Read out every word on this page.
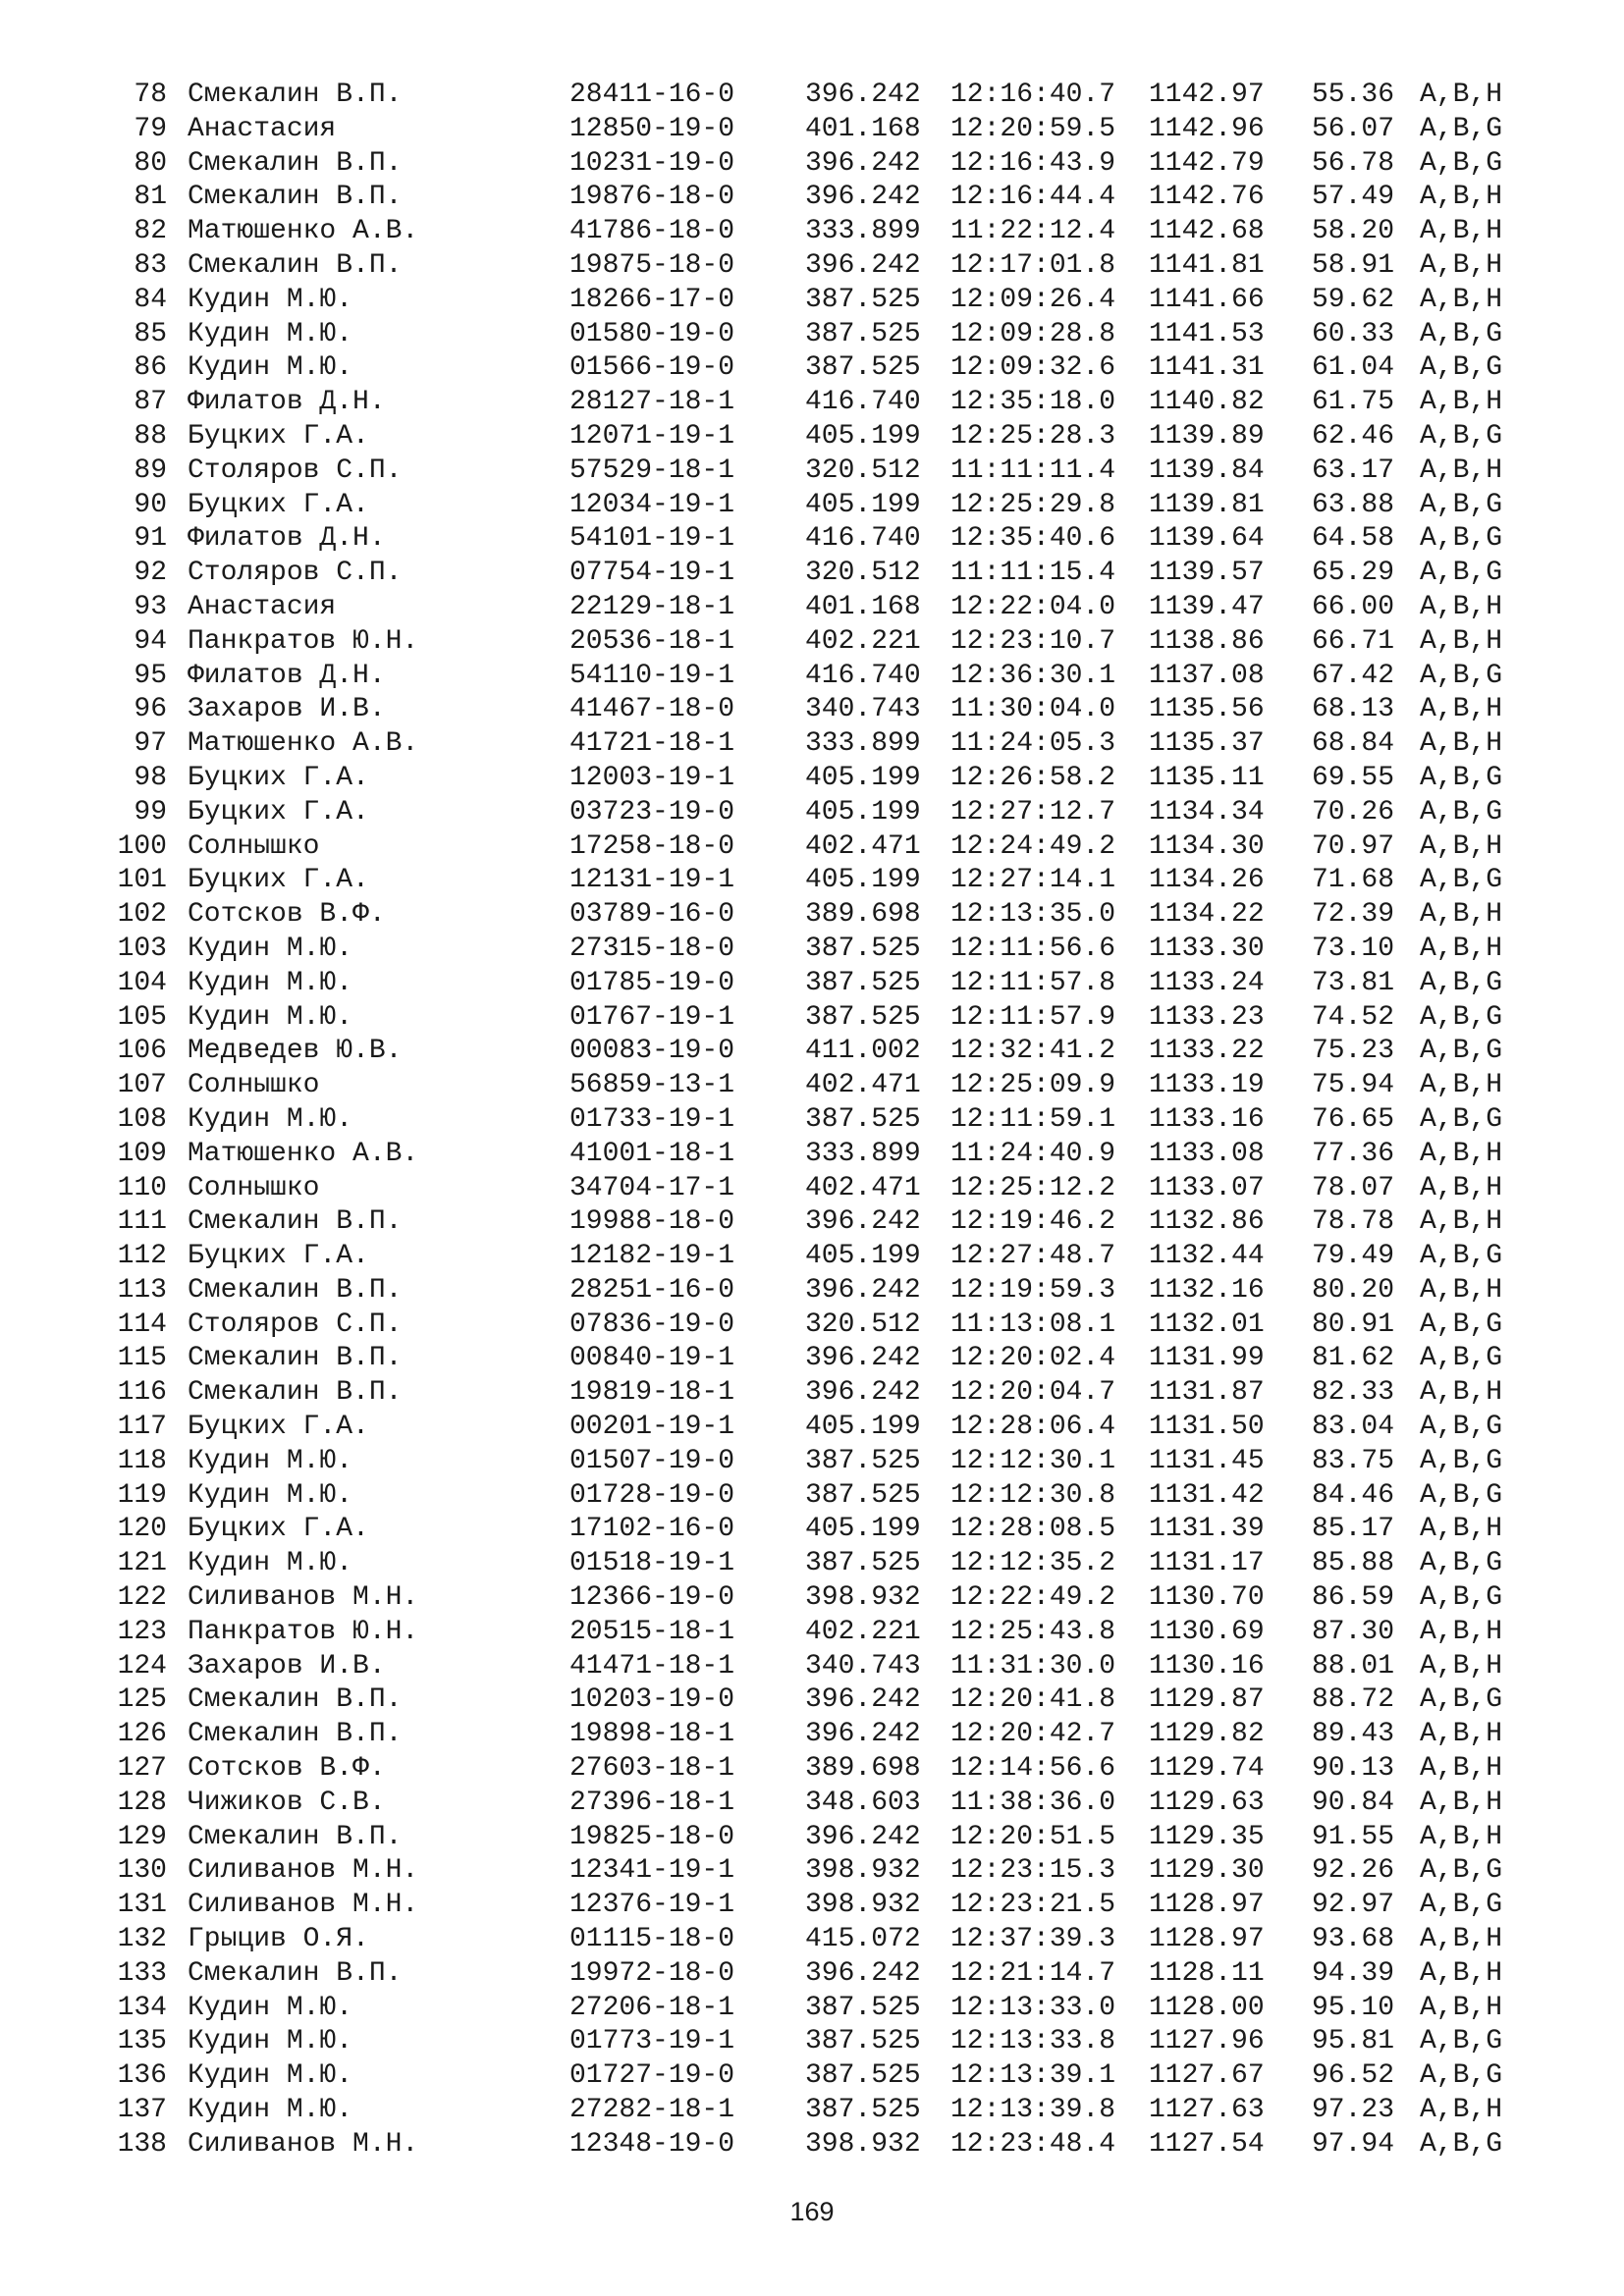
78 Смекалин В.П.	28411-16-0	396.242 12:16:40.7 1142.97 55.36 A,B,H
79 Анастасия	12850-19-0	401.168 12:20:59.5 1142.96 56.07 A,B,G
80 Смекалин В.П.	10231-19-0	396.242 12:16:43.9 1142.79 56.78 A,B,G
81 Смекалин В.П.	19876-18-0	396.242 12:16:44.4 1142.76 57.49 A,B,H
82 Матюшенко А.В.	41786-18-0	333.899 11:22:12.4 1142.68 58.20 A,B,H
83 Смекалин В.П.	19875-18-0	396.242 12:17:01.8 1141.81 58.91 A,B,H
84 Кудин М.Ю.	18266-17-0	387.525 12:09:26.4 1141.66 59.62 A,B,H
85 Кудин М.Ю.	01580-19-0	387.525 12:09:28.8 1141.53 60.33 A,B,G
86 Кудин М.Ю.	01566-19-0	387.525 12:09:32.6 1141.31 61.04 A,B,G
87 Филатов Д.Н.	28127-18-1	416.740 12:35:18.0 1140.82 61.75 A,B,H
88 Буцких Г.А.	12071-19-1	405.199 12:25:28.3 1139.89 62.46 A,B,G
89 Столяров С.П.	57529-18-1	320.512 11:11:11.4 1139.84 63.17 A,B,H
90 Буцких Г.А.	12034-19-1	405.199 12:25:29.8 1139.81 63.88 A,B,G
91 Филатов Д.Н.	54101-19-1	416.740 12:35:40.6 1139.64 64.58 A,B,G
92 Столяров С.П.	07754-19-1	320.512 11:11:15.4 1139.57 65.29 A,B,G
93 Анастасия	22129-18-1	401.168 12:22:04.0 1139.47 66.00 A,B,H
94 Панкратов Ю.Н.	20536-18-1	402.221 12:23:10.7 1138.86 66.71 A,B,H
95 Филатов Д.Н.	54110-19-1	416.740 12:36:30.1 1137.08 67.42 A,B,G
96 Захаров И.В.	41467-18-0	340.743 11:30:04.0 1135.56 68.13 A,B,H
97 Матюшенко А.В.	41721-18-1	333.899 11:24:05.3 1135.37 68.84 A,B,H
98 Буцких Г.А.	12003-19-1	405.199 12:26:58.2 1135.11 69.55 A,B,G
99 Буцких Г.А.	03723-19-0	405.199 12:27:12.7 1134.34 70.26 A,B,G
100 Солнышко	17258-18-0	402.471 12:24:49.2 1134.30 70.97 A,B,H
101 Буцких Г.А.	12131-19-1	405.199 12:27:14.1 1134.26 71.68 A,B,G
102 Сотсков В.Ф.	03789-16-0	389.698 12:13:35.0 1134.22 72.39 A,B,H
103 Кудин М.Ю.	27315-18-0	387.525 12:11:56.6 1133.30 73.10 A,B,H
104 Кудин М.Ю.	01785-19-0	387.525 12:11:57.8 1133.24 73.81 A,B,G
105 Кудин М.Ю.	01767-19-1	387.525 12:11:57.9 1133.23 74.52 A,B,G
106 Медведев Ю.В.	00083-19-0	411.002 12:32:41.2 1133.22 75.23 A,B,G
107 Солнышко	56859-13-1	402.471 12:25:09.9 1133.19 75.94 A,B,H
108 Кудин М.Ю.	01733-19-1	387.525 12:11:59.1 1133.16 76.65 A,B,G
109 Матюшенко А.В.	41001-18-1	333.899 11:24:40.9 1133.08 77.36 A,B,H
110 Солнышко	34704-17-1	402.471 12:25:12.2 1133.07 78.07 A,B,H
111 Смекалин В.П.	19988-18-0	396.242 12:19:46.2 1132.86 78.78 A,B,H
112 Буцких Г.А.	12182-19-1	405.199 12:27:48.7 1132.44 79.49 A,B,G
113 Смекалин В.П.	28251-16-0	396.242 12:19:59.3 1132.16 80.20 A,B,H
114 Столяров С.П.	07836-19-0	320.512 11:13:08.1 1132.01 80.91 A,B,G
115 Смекалин В.П.	00840-19-1	396.242 12:20:02.4 1131.99 81.62 A,B,G
116 Смекалин В.П.	19819-18-1	396.242 12:20:04.7 1131.87 82.33 A,B,H
117 Буцких Г.А.	00201-19-1	405.199 12:28:06.4 1131.50 83.04 A,B,G
118 Кудин М.Ю.	01507-19-0	387.525 12:12:30.1 1131.45 83.75 A,B,G
119 Кудин М.Ю.	01728-19-0	387.525 12:12:30.8 1131.42 84.46 A,B,G
120 Буцких Г.А.	17102-16-0	405.199 12:28:08.5 1131.39 85.17 A,B,H
121 Кудин М.Ю.	01518-19-1	387.525 12:12:35.2 1131.17 85.88 A,B,G
122 Силиванов М.Н.	12366-19-0	398.932 12:22:49.2 1130.70 86.59 A,B,G
123 Панкратов Ю.Н.	20515-18-1	402.221 12:25:43.8 1130.69 87.30 A,B,H
124 Захаров И.В.	41471-18-1	340.743 11:31:30.0 1130.16 88.01 A,B,H
125 Смекалин В.П.	10203-19-0	396.242 12:20:41.8 1129.87 88.72 A,B,G
126 Смекалин В.П.	19898-18-1	396.242 12:20:42.7 1129.82 89.43 A,B,H
127 Сотсков В.Ф.	27603-18-1	389.698 12:14:56.6 1129.74 90.13 A,B,H
128 Чижиков С.В.	27396-18-1	348.603 11:38:36.0 1129.63 90.84 A,B,H
129 Смекалин В.П.	19825-18-0	396.242 12:20:51.5 1129.35 91.55 A,B,H
130 Силиванов М.Н.	12341-19-1	398.932 12:23:15.3 1129.30 92.26 A,B,G
131 Силиванов М.Н.	12376-19-1	398.932 12:23:21.5 1128.97 92.97 A,B,G
132 Грыцив О.Я.	01115-18-0	415.072 12:37:39.3 1128.97 93.68 A,B,H
133 Смекалин В.П.	19972-18-0	396.242 12:21:14.7 1128.11 94.39 A,B,H
134 Кудин М.Ю.	27206-18-1	387.525 12:13:33.0 1128.00 95.10 A,B,H
135 Кудин М.Ю.	01773-19-1	387.525 12:13:33.8 1127.96 95.81 A,B,G
136 Кудин М.Ю.	01727-19-0	387.525 12:13:39.1 1127.67 96.52 A,B,G
137 Кудин М.Ю.	27282-18-1	387.525 12:13:39.8 1127.63 97.23 A,B,H
138 Силиванов М.Н.	12348-19-0	398.932 12:23:48.4 1127.54 97.94 A,B,G
169
